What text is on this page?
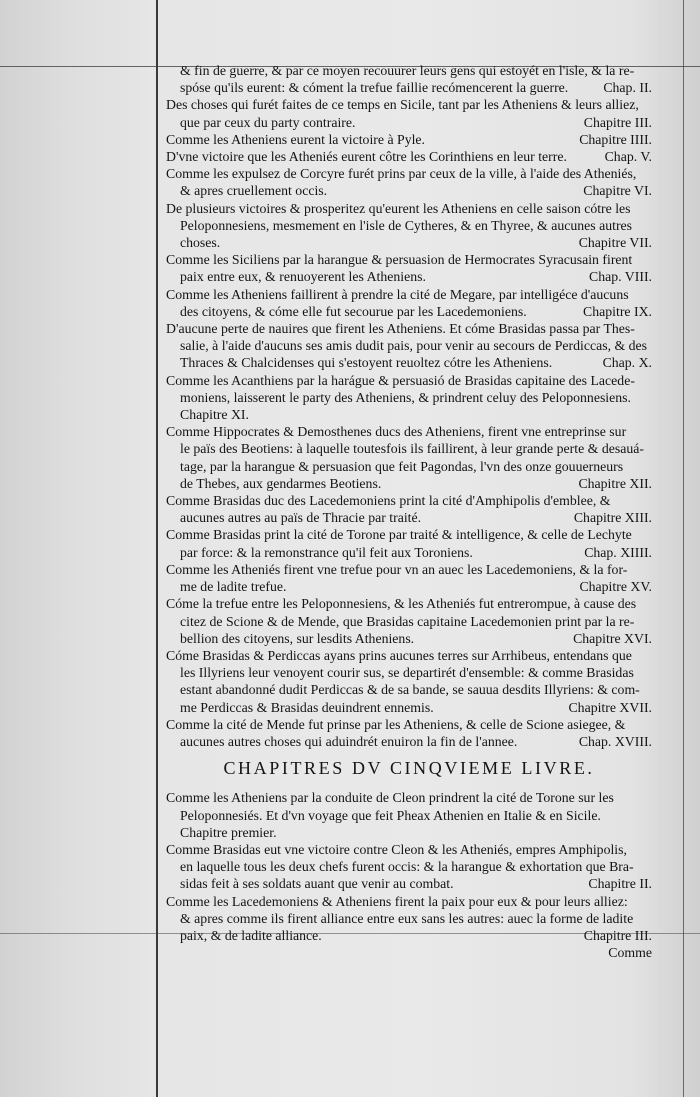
& fin de guerre, & par ce moyen recouurer leurs gens qui estoyét en l'isle, & la re-
Chap. II.
spóse qu'ils eurent: & cóment la trefue faillie recómencerent la guerre.
Des choses qui furét faites de ce temps en Sicile, tant par les Atheniens & leurs alliez,
Chapitre III.
que par ceux du party contraire.
Chapitre IIII.
Comme les Atheniens eurent la victoire à Pyle.
Chap. V.
D'vne victoire que les Atheniés eurent côtre les Corinthiens en leur terre.
Comme les expulsez de Corcyre furét prins par ceux de la ville, à l'aide des Atheniés,
Chapitre VI.
& apres cruellement occis.
De plusieurs victoires & prosperitez qu'eurent les Atheniens en celle saison cótre les
Peloponnesiens, mesmement en l'isle de Cytheres, & en Thyree, & aucunes autres
Chapitre VII.
choses.
Comme les Siciliens par la harangue & persuasion de Hermocrates Syracusain firent
Chap. VIII.
paix entre eux, & renuoyerent les Atheniens.
Comme les Atheniens faillirent à prendre la cité de Megare, par intelligéce d'aucuns
Chapitre IX.
des citoyens, & cóme elle fut secourue par les Lacedemoniens.
D'aucune perte de nauires que firent les Atheniens. Et cóme Brasidas passa par Thes-
salie, à l'aide d'aucuns ses amis dudit pais, pour venir au secours de Perdiccas, & des
Chap. X.
Thraces & Chalcidenses qui s'estoyent reuoltez cótre les Atheniens.
Comme les Acanthiens par la harágue & persuasió de Brasidas capitaine des Lacede-
moniens, laisserent le party des Atheniens, & prindrent celuy des Peloponnesiens.
Chapitre XI.
Comme Hippocrates & Demosthenes ducs des Atheniens, firent vne entreprinse sur
le païs des Beotiens: à laquelle toutesfois ils faillirent, à leur grande perte & desauá-
tage, par la harangue & persuasion que feit Pagondas, l'vn des onze gouuerneurs
Chapitre XII.
de Thebes, aux gendarmes Beotiens.
Comme Brasidas duc des Lacedemoniens print la cité d'Amphipolis d'emblee, &
Chapitre XIII.
aucunes autres au païs de Thracie par traité.
Comme Brasidas print la cité de Torone par traité & intelligence, & celle de Lechyte
Chap. XIIII.
par force: & la remonstrance qu'il feit aux Toroniens.
Comme les Atheniés firent vne trefue pour vn an auec les Lacedemoniens, & la for-
Chapitre XV.
me de ladite trefue.
Cóme la trefue entre les Peloponnesiens, & les Atheniés fut entrerompue, à cause des
citez de Scione & de Mende, que Brasidas capitaine Lacedemonien print par la re-
Chapitre XVI.
bellion des citoyens, sur lesdits Atheniens.
Cóme Brasidas & Perdiccas ayans prins aucunes terres sur Arrhibeus, entendans que
les Illyriens leur venoyent courir sus, se departirét d'ensemble: & comme Brasidas
estant abandonné dudit Perdiccas & de sa bande, se sauua desdits Illyriens: & com-
Chapitre XVII.
me Perdiccas & Brasidas deuindrent ennemis.
Comme la cité de Mende fut prinse par les Atheniens, & celle de Scione asiegee, &
Chap. XVIII.
aucunes autres choses qui aduindrét enuiron la fin de l'annee.
CHAPITRES DV CINQVIEME LIVRE.
Comme les Atheniens par la conduite de Cleon prindrent la cité de Torone sur les
Peloponnesiés. Et d'vn voyage que feit Pheax Athenien en Italie & en Sicile.
Chapitre premier.
Comme Brasidas eut vne victoire contre Cleon & les Atheniés, empres Amphipolis,
en laquelle tous les deux chefs furent occis: & la harangue & exhortation que Bra-
Chapitre II.
sidas feit à ses soldats auant que venir au combat.
Comme les Lacedemoniens & Atheniens firent la paix pour eux & pour leurs alliez:
& apres comme ils firent alliance entre eux sans les autres: auec la forme de ladite
Chapitre III.
paix, & de ladite alliance.
Comme
